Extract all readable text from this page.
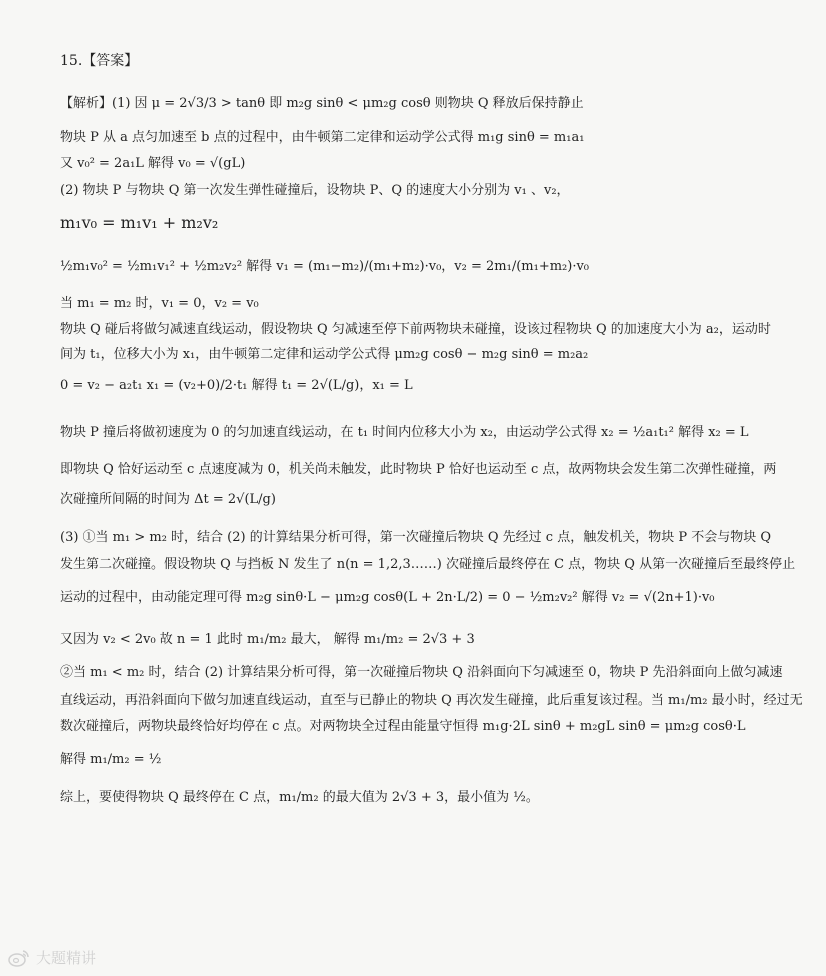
15.【答案】
【解析】(1) 因 μ = 2√3/3 > tanθ 即 m₂g sinθ < μm₂g cosθ 则物块 Q 释放后保持静止
物块 P 从 a 点匀加速至 b 点的过程中，由牛顿第二定律和运动学公式得 m₁g sinθ = m₁a₁
又 v₀² = 2a₁L 解得 v₀ = √(gL)
(2) 物块 P 与物块 Q 第一次发生弹性碰撞后，设物块 P、Q 的速度大小分别为 v₁ 、v₂，
m₁v₀ = m₁v₁ + m₂v₂
½m₁v₀² = ½m₁v₁² + ½m₂v₂² 解得 v₁ = (m₁−m₂)/(m₁+m₂)·v₀，v₂ = 2m₁/(m₁+m₂)·v₀
当 m₁ = m₂ 时，v₁ = 0，v₂ = v₀
物块 Q 碰后将做匀减速直线运动，假设物块 Q 匀减速至停下前两物块未碰撞，设该过程物块 Q 的加速度大小为 a₂，运动时
间为 t₁，位移大小为 x₁，由牛顿第二定律和运动学公式得 μm₂g cosθ − m₂g sinθ = m₂a₂
0 = v₂ − a₂t₁ x₁ = (v₂+0)/2·t₁ 解得 t₁ = 2√(L/g)，x₁ = L
物块 P 撞后将做初速度为 0 的匀加速直线运动，在 t₁ 时间内位移大小为 x₂，由运动学公式得 x₂ = ½a₁t₁² 解得 x₂ = L
即物块 Q 恰好运动至 c 点速度减为 0，机关尚未触发，此时物块 P 恰好也运动至 c 点，故两物块会发生第二次弹性碰撞，两
次碰撞所间隔的时间为 Δt = 2√(L/g)
(3) ①当 m₁ > m₂ 时，结合 (2) 的计算结果分析可得，第一次碰撞后物块 Q 先经过 c 点，触发机关，物块 P 不会与物块 Q
发生第二次碰撞。假设物块 Q 与挡板 N 发生了 n(n = 1,2,3……) 次碰撞后最终停在 C 点，物块 Q 从第一次碰撞后至最终停止
运动的过程中，由动能定理可得 m₂g sinθ·L − μm₂g cosθ(L + 2n·L/2) = 0 − ½m₂v₂² 解得 v₂ = √(2n+1)·v₀
又因为 v₂ < 2v₀ 故 n = 1 此时 m₁/m₂ 最大， 解得 m₁/m₂ = 2√3 + 3
②当 m₁ < m₂ 时，结合 (2) 计算结果分析可得，第一次碰撞后物块 Q 沿斜面向下匀减速至 0，物块 P 先沿斜面向上做匀减速
直线运动，再沿斜面向下做匀加速直线运动，直至与已静止的物块 Q 再次发生碰撞，此后重复该过程。当 m₁/m₂ 最小时，经过无
数次碰撞后，两物块最终恰好均停在 c 点。对两物块全过程由能量守恒得 m₁g·2L sinθ + m₂gL sinθ = μm₂g cosθ·L
解得 m₁/m₂ = ½
综上，要使得物块 Q 最终停在 C 点，m₁/m₂ 的最大值为 2√3 + 3，最小值为 ½。
大题精讲
